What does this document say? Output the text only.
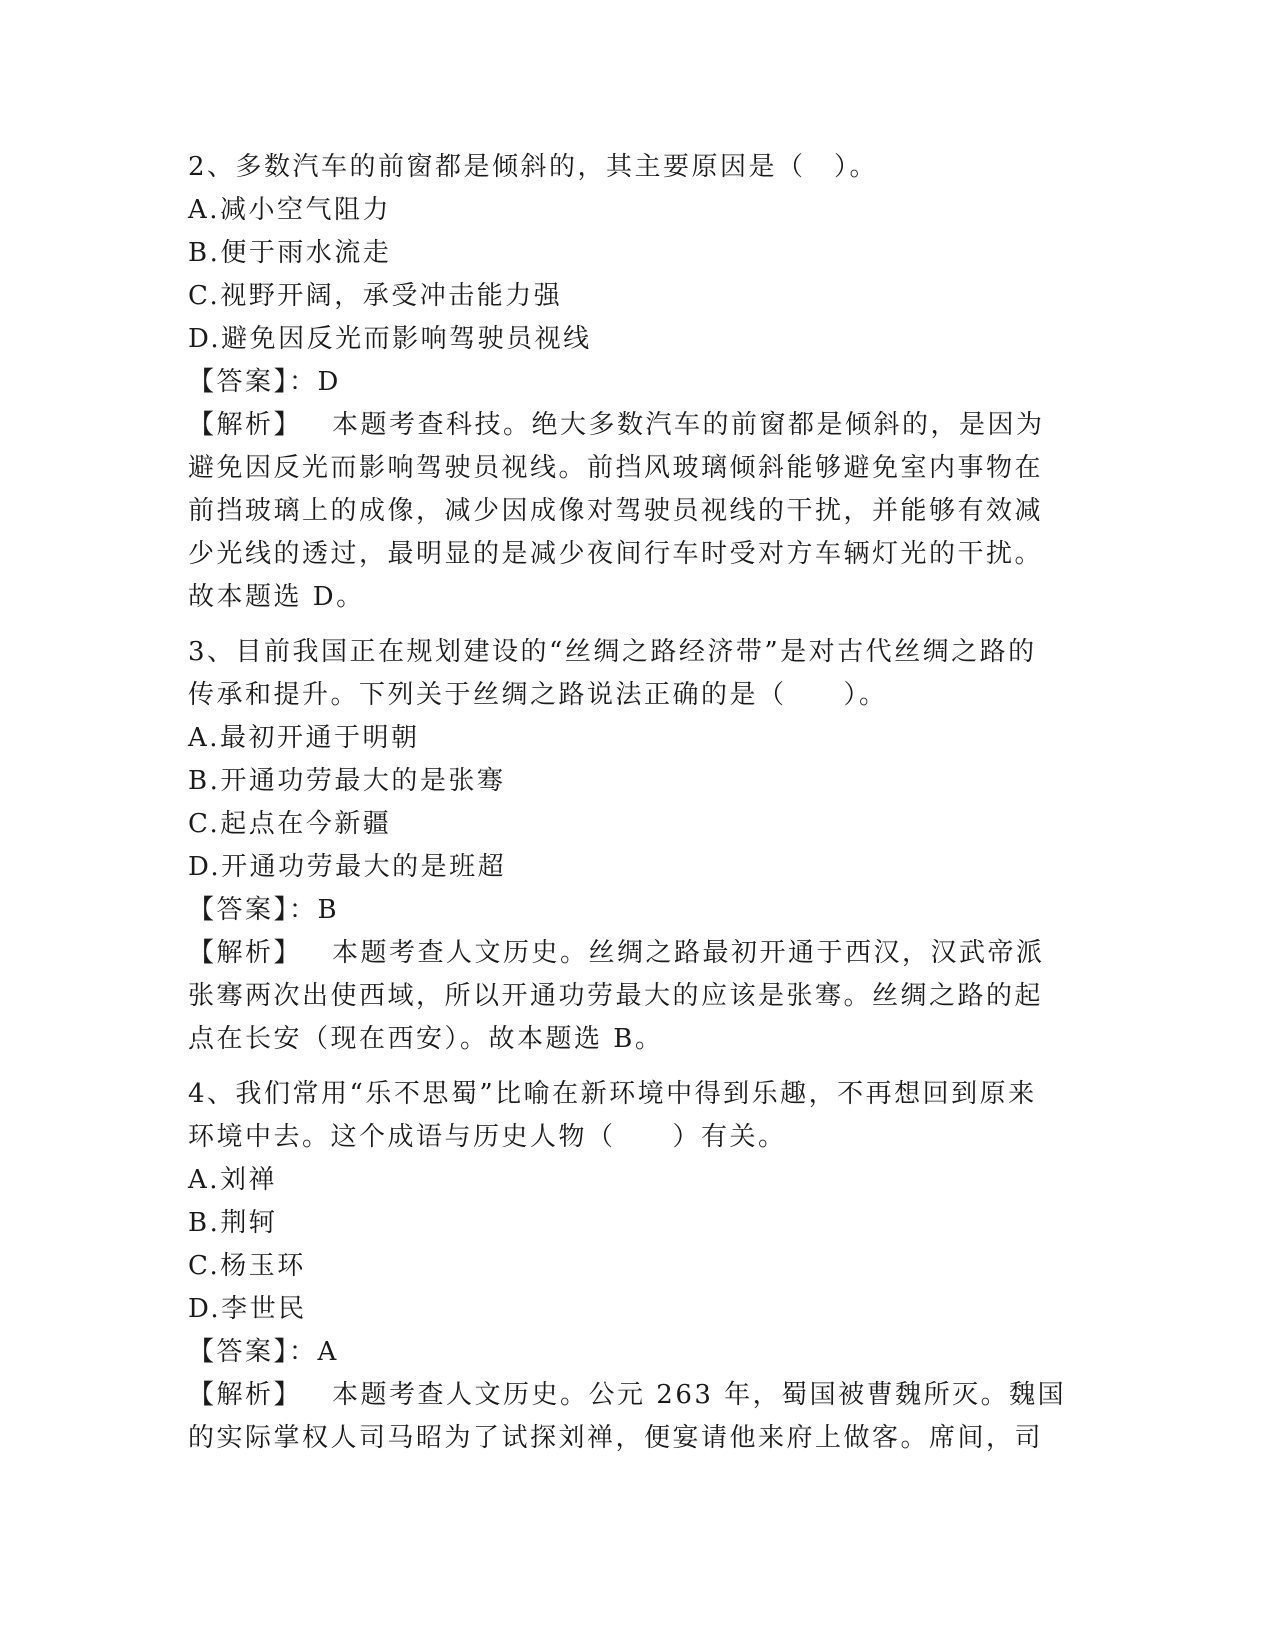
2、多数汽车的前窗都是倾斜的，其主要原因是（　）。
A.减小空气阻力
B.便于雨水流走
C.视野开阔，承受冲击能力强
D.避免因反光而影响驾驶员视线
【答案】：D
【解析】 本题考查科技。绝大多数汽车的前窗都是倾斜的，是因为
避免因反光而影响驾驶员视线。前挡风玻璃倾斜能够避免室内事物在
前挡玻璃上的成像，减少因成像对驾驶员视线的干扰，并能够有效减
少光线的透过，最明显的是减少夜间行车时受对方车辆灯光的干扰。
故本题选 D。
3、目前我国正在规划建设的“丝绸之路经济带”是对古代丝绸之路的
传承和提升。下列关于丝绸之路说法正确的是（　　）。
A.最初开通于明朝
B.开通功劳最大的是张骞
C.起点在今新疆
D.开通功劳最大的是班超
【答案】：B
【解析】 本题考查人文历史。丝绸之路最初开通于西汉，汉武帝派
张骞两次出使西域，所以开通功劳最大的应该是张骞。丝绸之路的起
点在长安（现在西安）。故本题选 B。
4、我们常用“乐不思蜀”比喻在新环境中得到乐趣，不再想回到原来
环境中去。这个成语与历史人物（　　）有关。
A.刘禅
B.荆轲
C.杨玉环
D.李世民
【答案】：A
【解析】 本题考查人文历史。公元 263 年，蜀国被曹魏所灭。魏国
的实际掌权人司马昭为了试探刘禅，便宴请他来府上做客。席间，司
